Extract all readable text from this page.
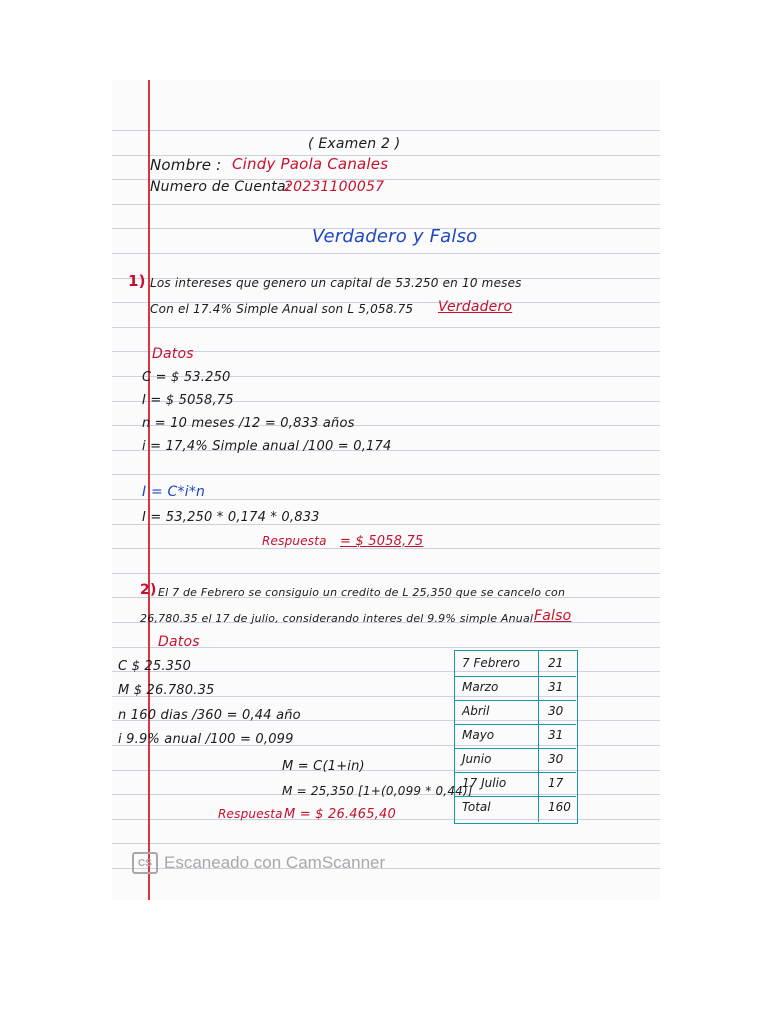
( Examen 2 )
Nombre : Cindy Paola Canales
Numero de Cuenta:
20231100057
Verdadero y Falso
1) Los intereses que genero un capital de 53.250 en 10 meses
Con el 17.4% Simple Anual son L 5,058.75 Verdadero
Datos
C = $ 53.250
I = $ 5058,75
n = 10 meses /12 = 0,833 años
i = 17,4% Simple anual /100 = 0,174
I = C*i*n
I = 53,250 * 0,174 * 0,833
Respuesta = $ 5058,75
2) El 7 de Febrero se consiguio un credito de L 25,350 que se cancelo con
26,780.35 el 17 de julio, considerando interes del 9.9% simple Anual Falso
Datos
C $ 25.350
M $ 26.780.35
n 160 dias /360 = 0,44 año
i 9.9% anual /100 = 0,099
M = C(1+in)
M = 25,350 [1+(0,099 * 0,44)]
Respuesta M = $ 26.465,40
7 Febrero 21
Marzo	31
Abril	30
Mayo	31
Junio	30
17 Julio	17
Total	160
CS Escaneado con CamScanner
